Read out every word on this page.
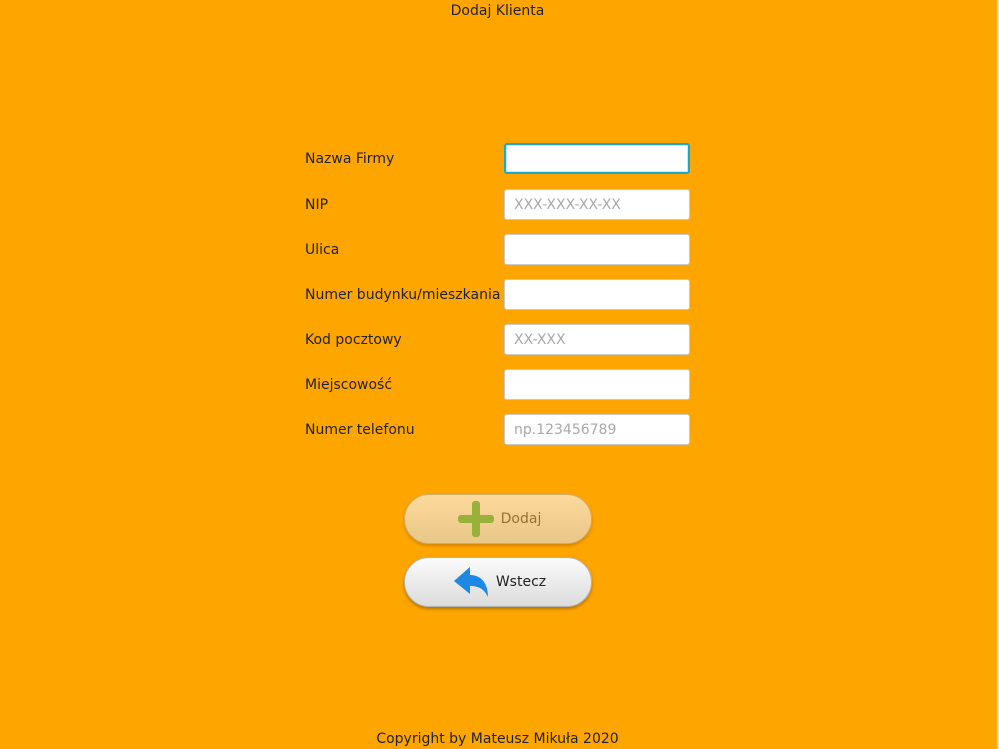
Dodaj Klienta
Nazwa Firmy
NIP
XXX-XXX-XX-XX
Ulica
Numer budynku/mieszkania
Kod pocztowy
XX-XXX
Miejscowość
Numer telefonu
np.123456789
Dodaj
Wstecz
Copyright by Mateusz Mikuła 2020
